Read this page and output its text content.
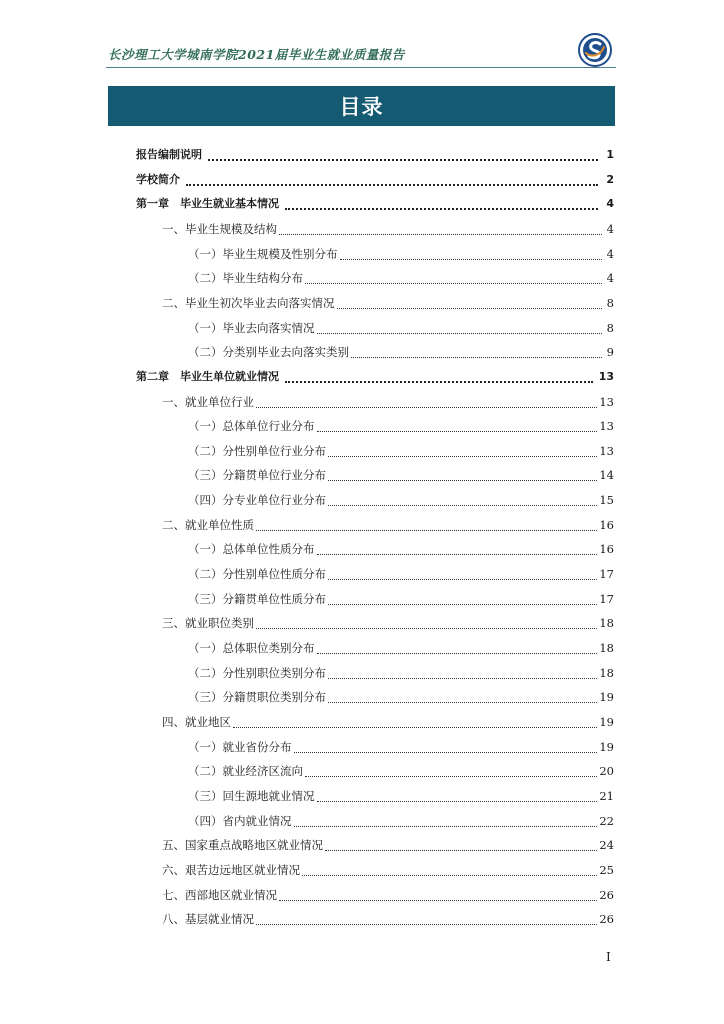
长沙理工大学城南学院2021届毕业生就业质量报告
目录
报告编制说明	1
学校简介	2
第一章　毕业生就业基本情况	4
一、毕业生规模及结构	4
（一）毕业生规模及性别分布	4
（二）毕业生结构分布	4
二、毕业生初次毕业去向落实情况	8
（一）毕业去向落实情况	8
（二）分类别毕业去向落实类别	9
第二章　毕业生单位就业情况	13
一、就业单位行业	13
（一）总体单位行业分布	13
（二）分性别单位行业分布	13
（三）分籍贯单位行业分布	14
（四）分专业单位行业分布	15
二、就业单位性质	16
（一）总体单位性质分布	16
（二）分性别单位性质分布	17
（三）分籍贯单位性质分布	17
三、就业职位类别	18
（一）总体职位类别分布	18
（二）分性别职位类别分布	18
（三）分籍贯职位类别分布	19
四、就业地区	19
（一）就业省份分布	19
（二）就业经济区流向	20
（三）回生源地就业情况	21
（四）省内就业情况	22
五、国家重点战略地区就业情况	24
六、艰苦边远地区就业情况	25
七、西部地区就业情况	26
八、基层就业情况	26
I
